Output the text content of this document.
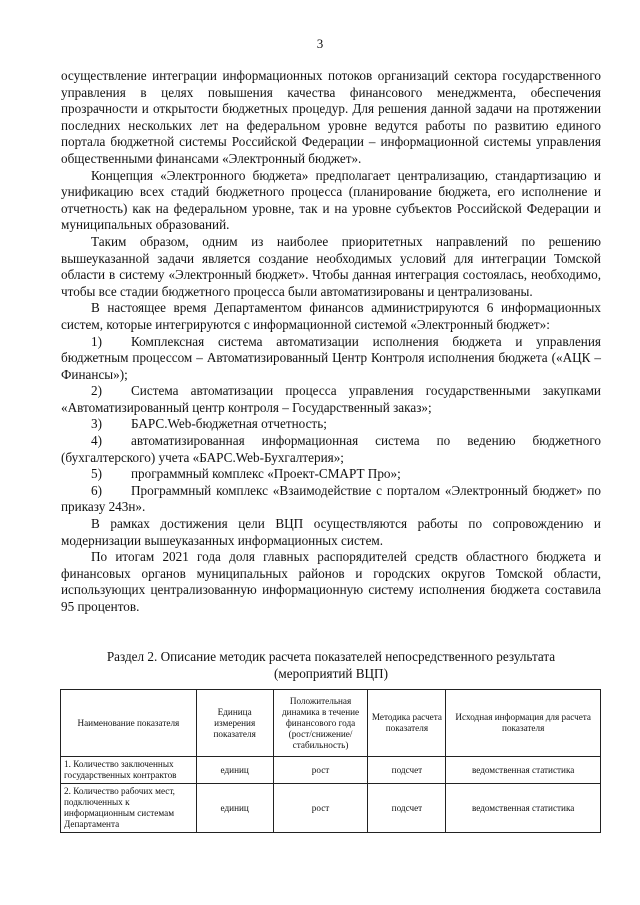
3

осуществление интеграции информационных потоков организаций сектора государственного управления в целях повышения качества финансового менеджмента, обеспечения прозрачности и открытости бюджетных процедур. Для решения данной задачи на протяжении последних нескольких лет на федеральном уровне ведутся работы по развитию единого портала бюджетной системы Российской Федерации – информационной системы управления общественными финансами «Электронный бюджет».

Концепция «Электронного бюджета» предполагает централизацию, стандартизацию и унификацию всех стадий бюджетного процесса (планирование бюджета, его исполнение и отчетность) как на федеральном уровне, так и на уровне субъектов Российской Федерации и муниципальных образований.

Таким образом, одним из наиболее приоритетных направлений по решению вышеуказанной задачи является создание необходимых условий для интеграции Томской области в систему «Электронный бюджет». Чтобы данная интеграция состоялась, необходимо, чтобы все стадии бюджетного процесса были автоматизированы и централизованы.

В настоящее время Департаментом финансов администрируются 6 информационных систем, которые интегрируются с информационной системой «Электронный бюджет»:

1) Комплексная система автоматизации исполнения бюджета и управления бюджетным процессом – Автоматизированный Центр Контроля исполнения бюджета («АЦК – Финансы»);

2) Система автоматизации процесса управления государственными закупками «Автоматизированный центр контроля – Государственный заказ»;

3) БАРС.Web-бюджетная отчетность;

4) автоматизированная информационная система по ведению бюджетного (бухгалтерского) учета «БАРС.Web-Бухгалтерия»;

5) программный комплекс «Проект-СМАРТ Про»;

6) Программный комплекс «Взаимодействие с порталом «Электронный бюджет» по приказу 243н».

В рамках достижения цели ВЦП осуществляются работы по сопровождению и модернизации вышеуказанных информационных систем.

По итогам 2021 года доля главных распорядителей средств областного бюджета и финансовых органов муниципальных районов и городских округов Томской области, использующих централизованную информационную систему исполнения бюджета составила 95 процентов.

Раздел 2. Описание методик расчета показателей непосредственного результата
(мероприятий ВЦП)
Наименование показателя	Единица измерения показателя	Положительная динамика в течение финансового года (рост/снижение/ стабильность)	Методика расчета показателя	Исходная информация для расчета показателя
1. Количество заключенных государственных контрактов	единиц	рост	подсчет	ведомственная статистика
2. Количество рабочих мест, подключенных к информационным системам Департамента	единиц	рост	подсчет	ведомственная статистика
